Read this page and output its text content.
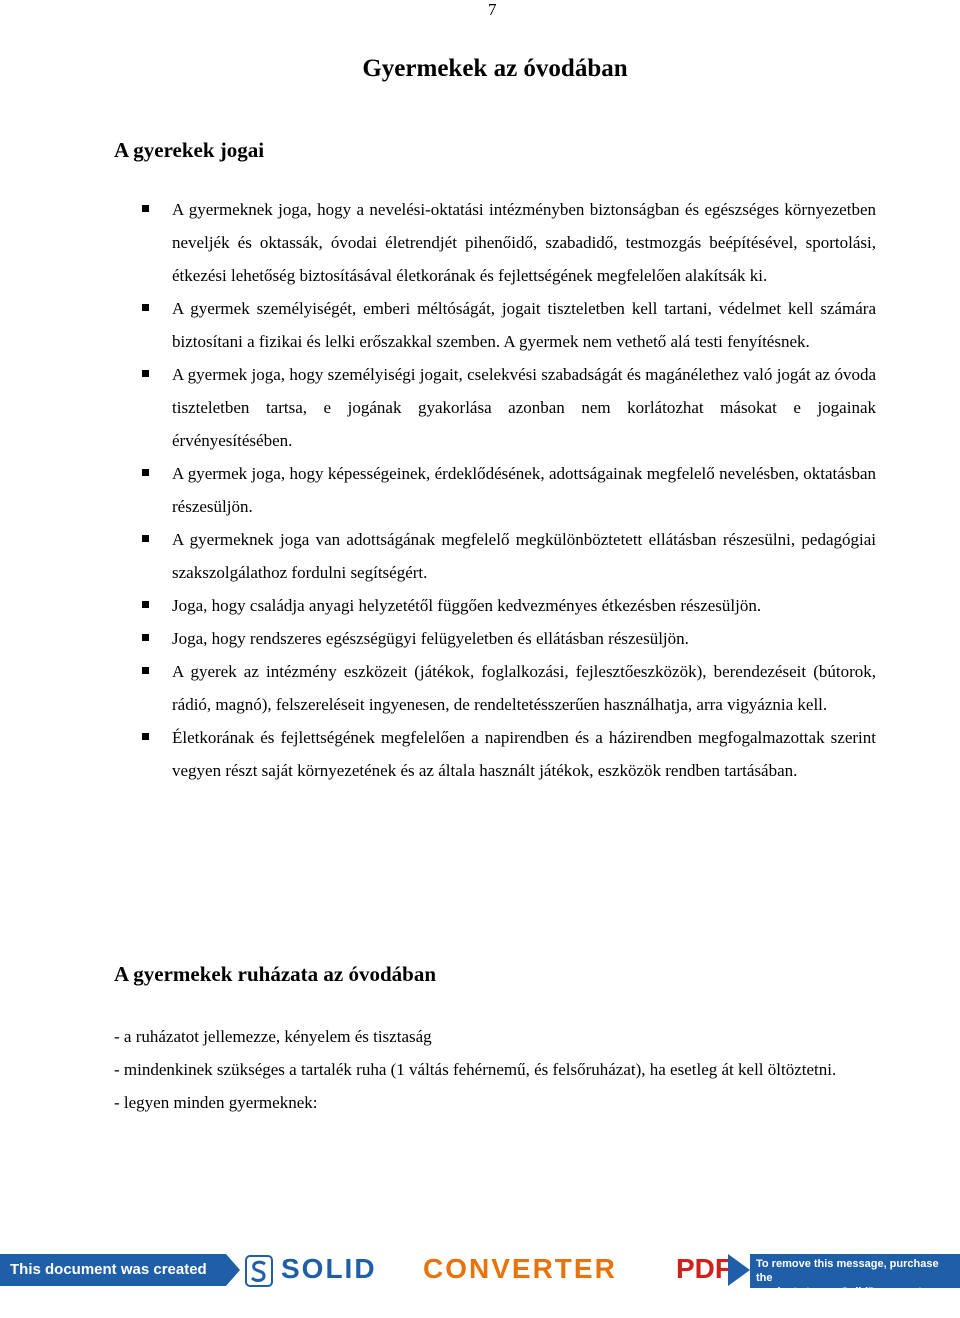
7
Gyermekek az óvodában
A gyerekek jogai
A gyermeknek joga, hogy a nevelési-oktatási intézményben biztonságban és egészséges környezetben neveljék és oktassák, óvodai életrendjét pihenőidő, szabadidő, testmozgás beépítésével, sportolási, étkezési lehetőség biztosításával életkorának és fejlettségének megfelelően alakítsák ki.
A gyermek személyiségét, emberi méltóságát, jogait tiszteletben kell tartani, védelmet kell számára biztosítani a fizikai és lelki erőszakkal szemben. A gyermek nem vethető alá testi fenyítésnek.
A gyermek joga, hogy személyiségi jogait, cselekvési szabadságát és magánélethez való jogát az óvoda tiszteletben tartsa, e jogának gyakorlása azonban nem korlátozhat másokat e jogainak érvényesítésében.
A gyermek joga, hogy képességeinek, érdeklődésének, adottságainak megfelelő nevelésben, oktatásban részesüljön.
A gyermeknek joga van adottságának megfelelő megkülönböztetett ellátásban részesülni, pedagógiai szakszolgálathoz fordulni segítségért.
Joga, hogy családja anyagi helyzetétől függően kedvezményes étkezésben részesüljön.
Joga, hogy rendszeres egészségügyi felügyeletben és ellátásban részesüljön.
A gyerek az intézmény eszközeit (játékok, foglalkozási, fejlesztőeszközök), berendezéseit (bútorok, rádió, magnó), felszereléseit ingyenesen, de rendeltetésszerűen használhatja, arra vigyáznia kell.
Életkorának és fejlettségének megfelelően a napirendben és a házirendben megfogalmazottak szerint vegyen részt saját környezetének és az általa használt játékok, eszközök rendben tartásában.
A gyermekek ruházata az óvodában

- a ruházatot jellemezze, kényelem és tisztaság

- mindenkinek szükséges a tartalék ruha (1 váltás fehérnemű, és felsőruházat), ha esetleg át kell öltöztetni.

- legyen minden gyermeknek:

This document was created using
SOLID CONVERTER PDF To remove this message, purchase the
product at www.SolidDocuments.com
